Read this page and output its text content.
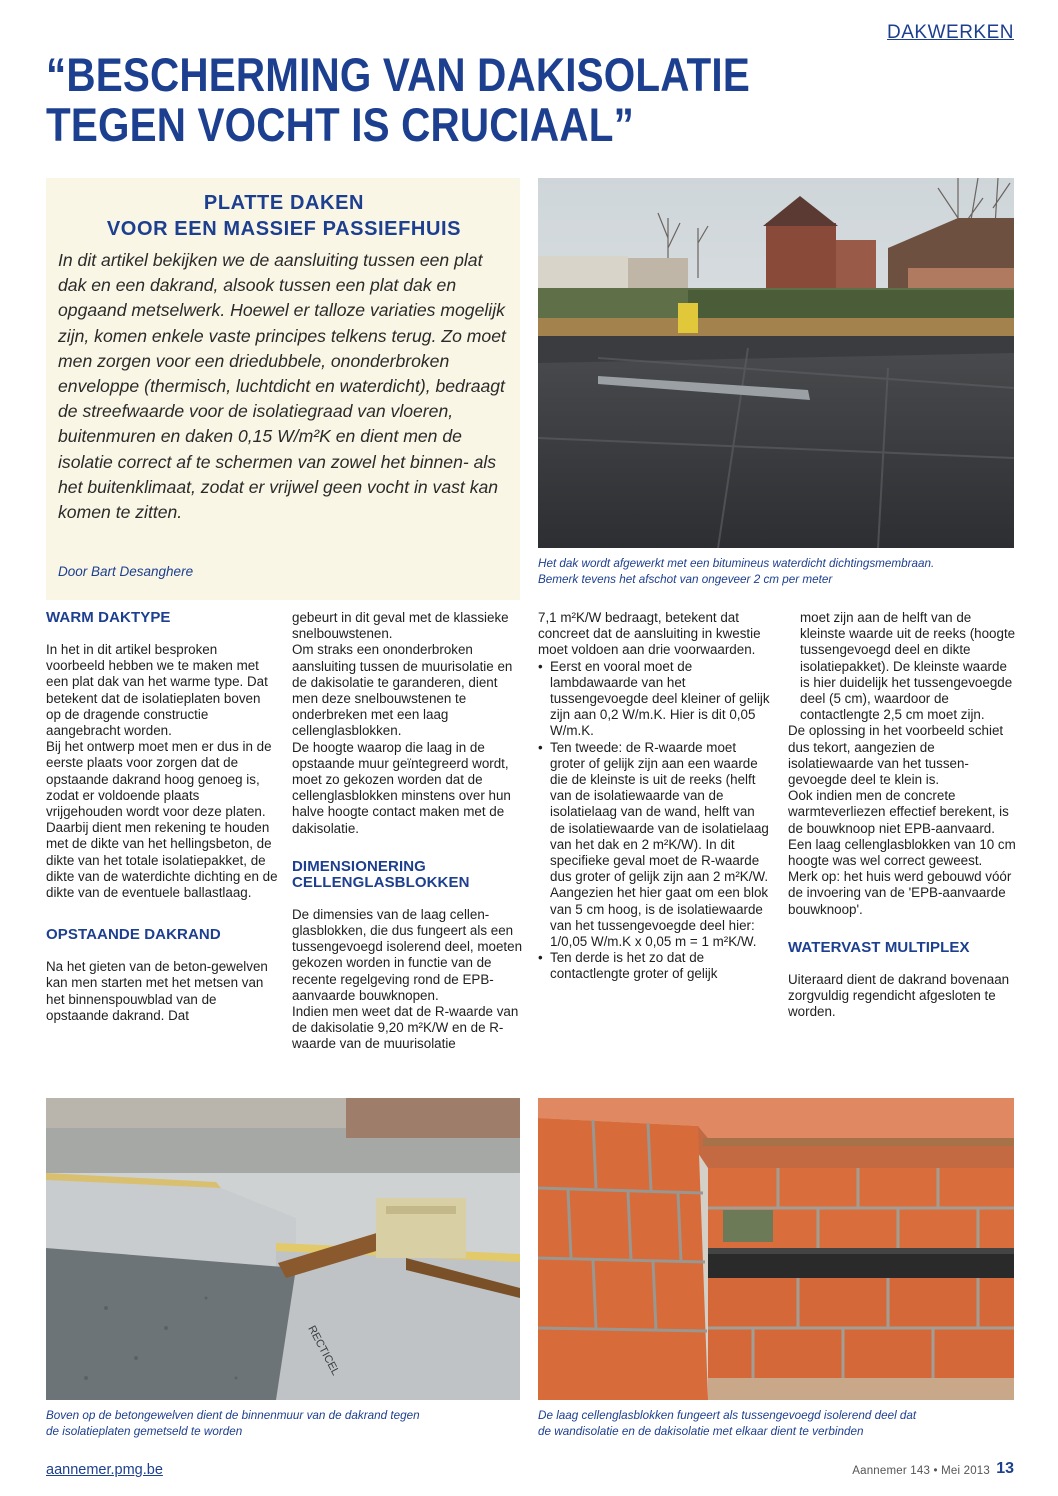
DAKWERKEN
“BESCHERMING VAN DAKISOLATIE
TEGEN VOCHT IS CRUCIAAL”
PLATTE DAKEN
VOOR EEN MASSIEF PASSIEFHUIS

In dit artikel bekijken we de aansluiting tussen een plat dak en een dakrand, alsook tussen een plat dak en opgaand metselwerk. Hoewel er talloze variaties mogelijk zijn, komen enkele vaste principes telkens terug. Zo moet men zorgen voor een driedubbele, ononderbroken enveloppe (thermisch, luchtdicht en waterdicht), bedraagt de streefwaarde voor de isolatiegraad van vloeren, buitenmuren en daken 0,15 W/m²K en dient men de isolatie correct af te schermen van zowel het binnen- als het buitenklimaat, zodat er vrijwel geen vocht in vast kan komen te zitten.

Door Bart Desanghere
Het dak wordt afgewerkt met een bitumineus waterdicht dichtingsmembraan.
Bemerk tevens het afschot van ongeveer 2 cm per meter
WARM DAKTYPE

In het in dit artikel besproken voorbeeld hebben we te maken met een plat dak van het warme type. Dat betekent dat de isolatieplaten boven op de dragende constructie aangebracht worden.

Bij het ontwerp moet men er dus in de eerste plaats voor zorgen dat de opstaande dakrand hoog genoeg is, zodat er voldoende plaats vrijgehouden wordt voor deze platen.

Daarbij dient men rekening te houden met de dikte van het hellingsbeton, de dikte van het totale isolatiepakket, de dikte van de waterdichte dichting en de dikte van de eventuele ballastlaag.

OPSTAANDE DAKRAND

Na het gieten van de beton-gewelven kan men starten met het metsen van het binnenspouwblad van de opstaande dakrand. Dat

gebeurt in dit geval met de klassieke snelbouwstenen.

Om straks een ononderbroken aansluiting tussen de muurisolatie en de dakisolatie te garanderen, dient men deze snelbouwstenen te onderbreken met een laag cellenglasblokken.

De hoogte waarop die laag in de opstaande muur geïntegreerd wordt, moet zo gekozen worden dat de cellenglasblokken minstens over hun halve hoogte contact maken met de dakisolatie.

DIMENSIONERING
CELLENGLASBLOKKEN

De dimensies van de laag cellen-glasblokken, die dus fungeert als een tussengevoegd isolerend deel, moeten gekozen worden in functie van de recente regelgeving rond de EPB-aanvaarde bouwknopen.

Indien men weet dat de R-waarde van de dakisolatie 9,20 m²K/W en de R-waarde van de muurisolatie

7,1 m²K/W bedraagt, betekent dat concreet dat de aansluiting in kwestie moet voldoen aan drie voorwaarden.

• Eerst en vooral moet de lambdawaarde van het tussengevoegde deel kleiner of gelijk zijn aan 0,2 W/m.K. Hier is dit 0,05 W/m.K.
• Ten tweede: de R-waarde moet groter of gelijk zijn aan een waarde die de kleinste is uit de reeks (helft van de isolatiewaarde van de isolatielaag van de wand, helft van de isolatiewaarde van de isolatielaag van het dak en 2 m²K/W). In dit specifieke geval moet de R-waarde dus groter of gelijk zijn aan 2 m²K/W. Aangezien het hier gaat om een blok van 5 cm hoog, is de isolatiewaarde van het tussengevoegde deel hier: 1/0,05 W/m.K x 0,05 m = 1 m²K/W.
• Ten derde is het zo dat de contactlengte groter of gelijk

moet zijn aan de helft van de kleinste waarde uit de reeks (hoogte tussengevoegd deel en dikte isolatiepakket). De kleinste waarde is hier duidelijk het tussengevoegde deel (5 cm), waardoor de contactlengte 2,5 cm moet zijn.

De oplossing in het voorbeeld schiet dus tekort, aangezien de isolatiewaarde van het tussen-gevoegde deel te klein is.

Ook indien men de concrete warmteverliezen effectief berekent, is de bouwknoop niet EPB-aanvaard. Een laag cellenglasblokken van 10 cm hoogte was wel correct geweest.

Merk op: het huis werd gebouwd vóór de invoering van de 'EPB-aanvaarde bouwknoop'.

WATERVAST MULTIPLEX

Uiteraard dient de dakrand bovenaan zorgvuldig regendicht afgesloten te worden.

RECTICEL
Boven op de betongewelven dient de binnenmuur van de dakrand tegen
de isolatieplaten gemetseld te worden
De laag cellenglasblokken fungeert als tussengevoegd isolerend deel dat
de wandisolatie en de dakisolatie met elkaar dient te verbinden
aannemer.pmg.be	Aannemer 143 • Mei 2013 13
